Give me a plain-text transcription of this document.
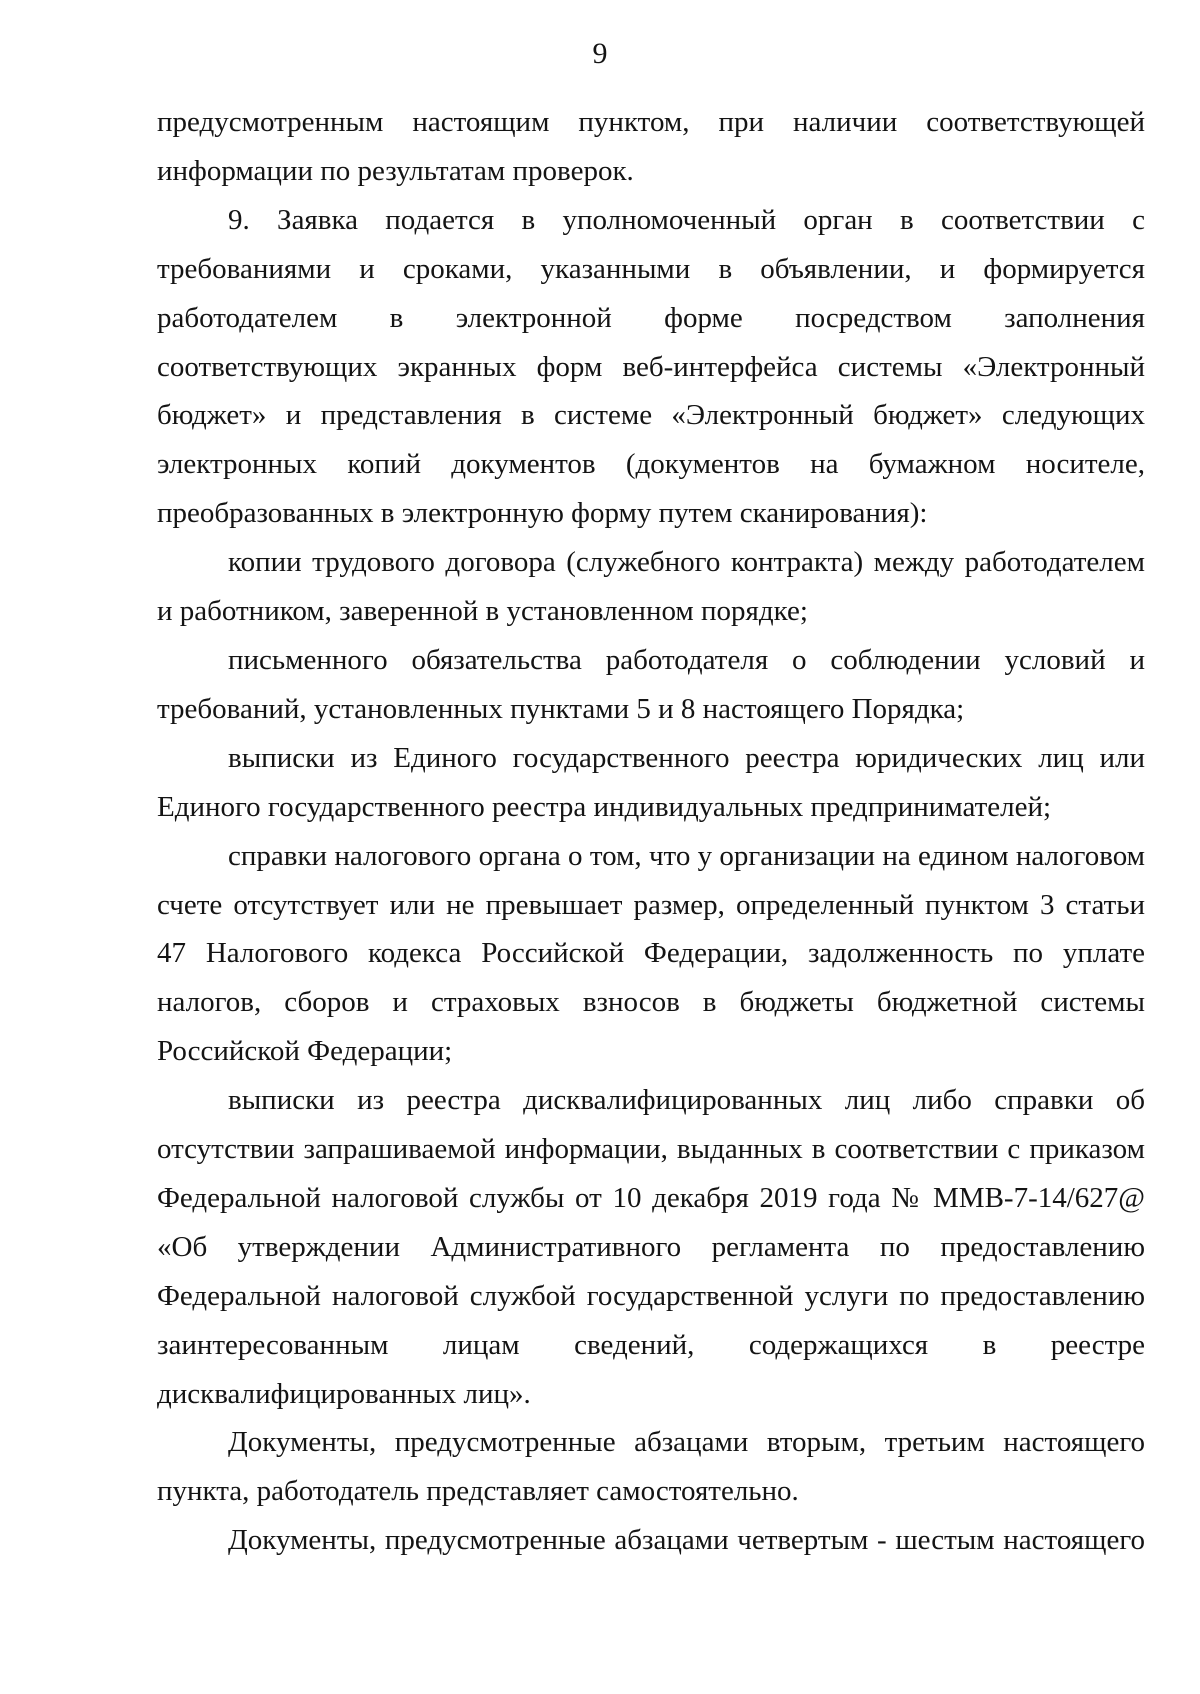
9

предусмотренным настоящим пунктом, при наличии соответствующей информации по результатам проверок.

9. Заявка подается в уполномоченный орган в соответствии с требованиями и сроками, указанными в объявлении, и формируется работодателем в электронной форме посредством заполнения соответствующих экранных форм веб-интерфейса системы «Электронный бюджет» и представления в системе «Электронный бюджет» следующих электронных копий документов (документов на бумажном носителе, преобразованных в электронную форму путем сканирования):

копии трудового договора (служебного контракта) между работодателем и работником, заверенной в установленном порядке;

письменного обязательства работодателя о соблюдении условий и требований, установленных пунктами 5 и 8 настоящего Порядка;

выписки из Единого государственного реестра юридических лиц или Единого государственного реестра индивидуальных предпринимателей;

справки налогового органа о том, что у организации на едином налоговом счете отсутствует или не превышает размер, определенный пунктом 3 статьи 47 Налогового кодекса Российской Федерации, задолженность по уплате налогов, сборов и страховых взносов в бюджеты бюджетной системы Российской Федерации;

выписки из реестра дисквалифицированных лиц либо справки об отсутствии запрашиваемой информации, выданных в соответствии с приказом Федеральной налоговой службы от 10 декабря 2019 года № ММВ-7-14/627@ «Об утверждении Административного регламента по предоставлению Федеральной налоговой службой государственной услуги по предоставлению заинтересованным лицам сведений, содержащихся в реестре дисквалифицированных лиц».

Документы, предусмотренные абзацами вторым, третьим настоящего пункта, работодатель представляет самостоятельно.

Документы, предусмотренные абзацами четвертым - шестым настоящего
